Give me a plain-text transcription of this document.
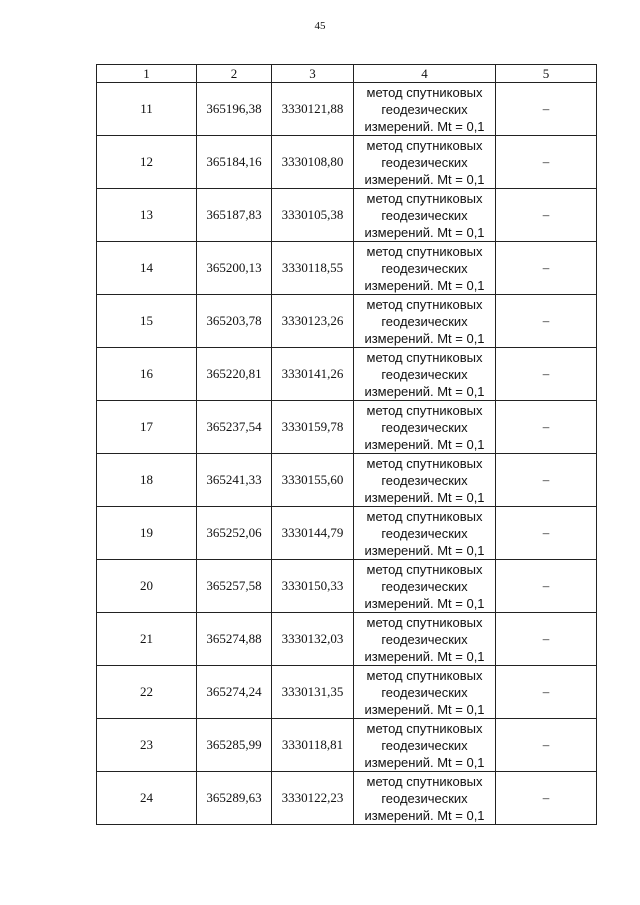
45
1	2	3	4	5
11	365196,38	3330121,88	метод спутниковых
геодезических
измерений. Mt = 0,1	–
12	365184,16	3330108,80	метод спутниковых
геодезических
измерений. Mt = 0,1	–
13	365187,83	3330105,38	метод спутниковых
геодезических
измерений. Mt = 0,1	–
14	365200,13	3330118,55	метод спутниковых
геодезических
измерений. Mt = 0,1	–
15	365203,78	3330123,26	метод спутниковых
геодезических
измерений. Mt = 0,1	–
16	365220,81	3330141,26	метод спутниковых
геодезических
измерений. Mt = 0,1	–
17	365237,54	3330159,78	метод спутниковых
геодезических
измерений. Mt = 0,1	–
18	365241,33	3330155,60	метод спутниковых
геодезических
измерений. Mt = 0,1	–
19	365252,06	3330144,79	метод спутниковых
геодезических
измерений. Mt = 0,1	–
20	365257,58	3330150,33	метод спутниковых
геодезических
измерений. Mt = 0,1	–
21	365274,88	3330132,03	метод спутниковых
геодезических
измерений. Mt = 0,1	–
22	365274,24	3330131,35	метод спутниковых
геодезических
измерений. Mt = 0,1	–
23	365285,99	3330118,81	метод спутниковых
геодезических
измерений. Mt = 0,1	–
24	365289,63	3330122,23	метод спутниковых
геодезических
измерений. Mt = 0,1	–
